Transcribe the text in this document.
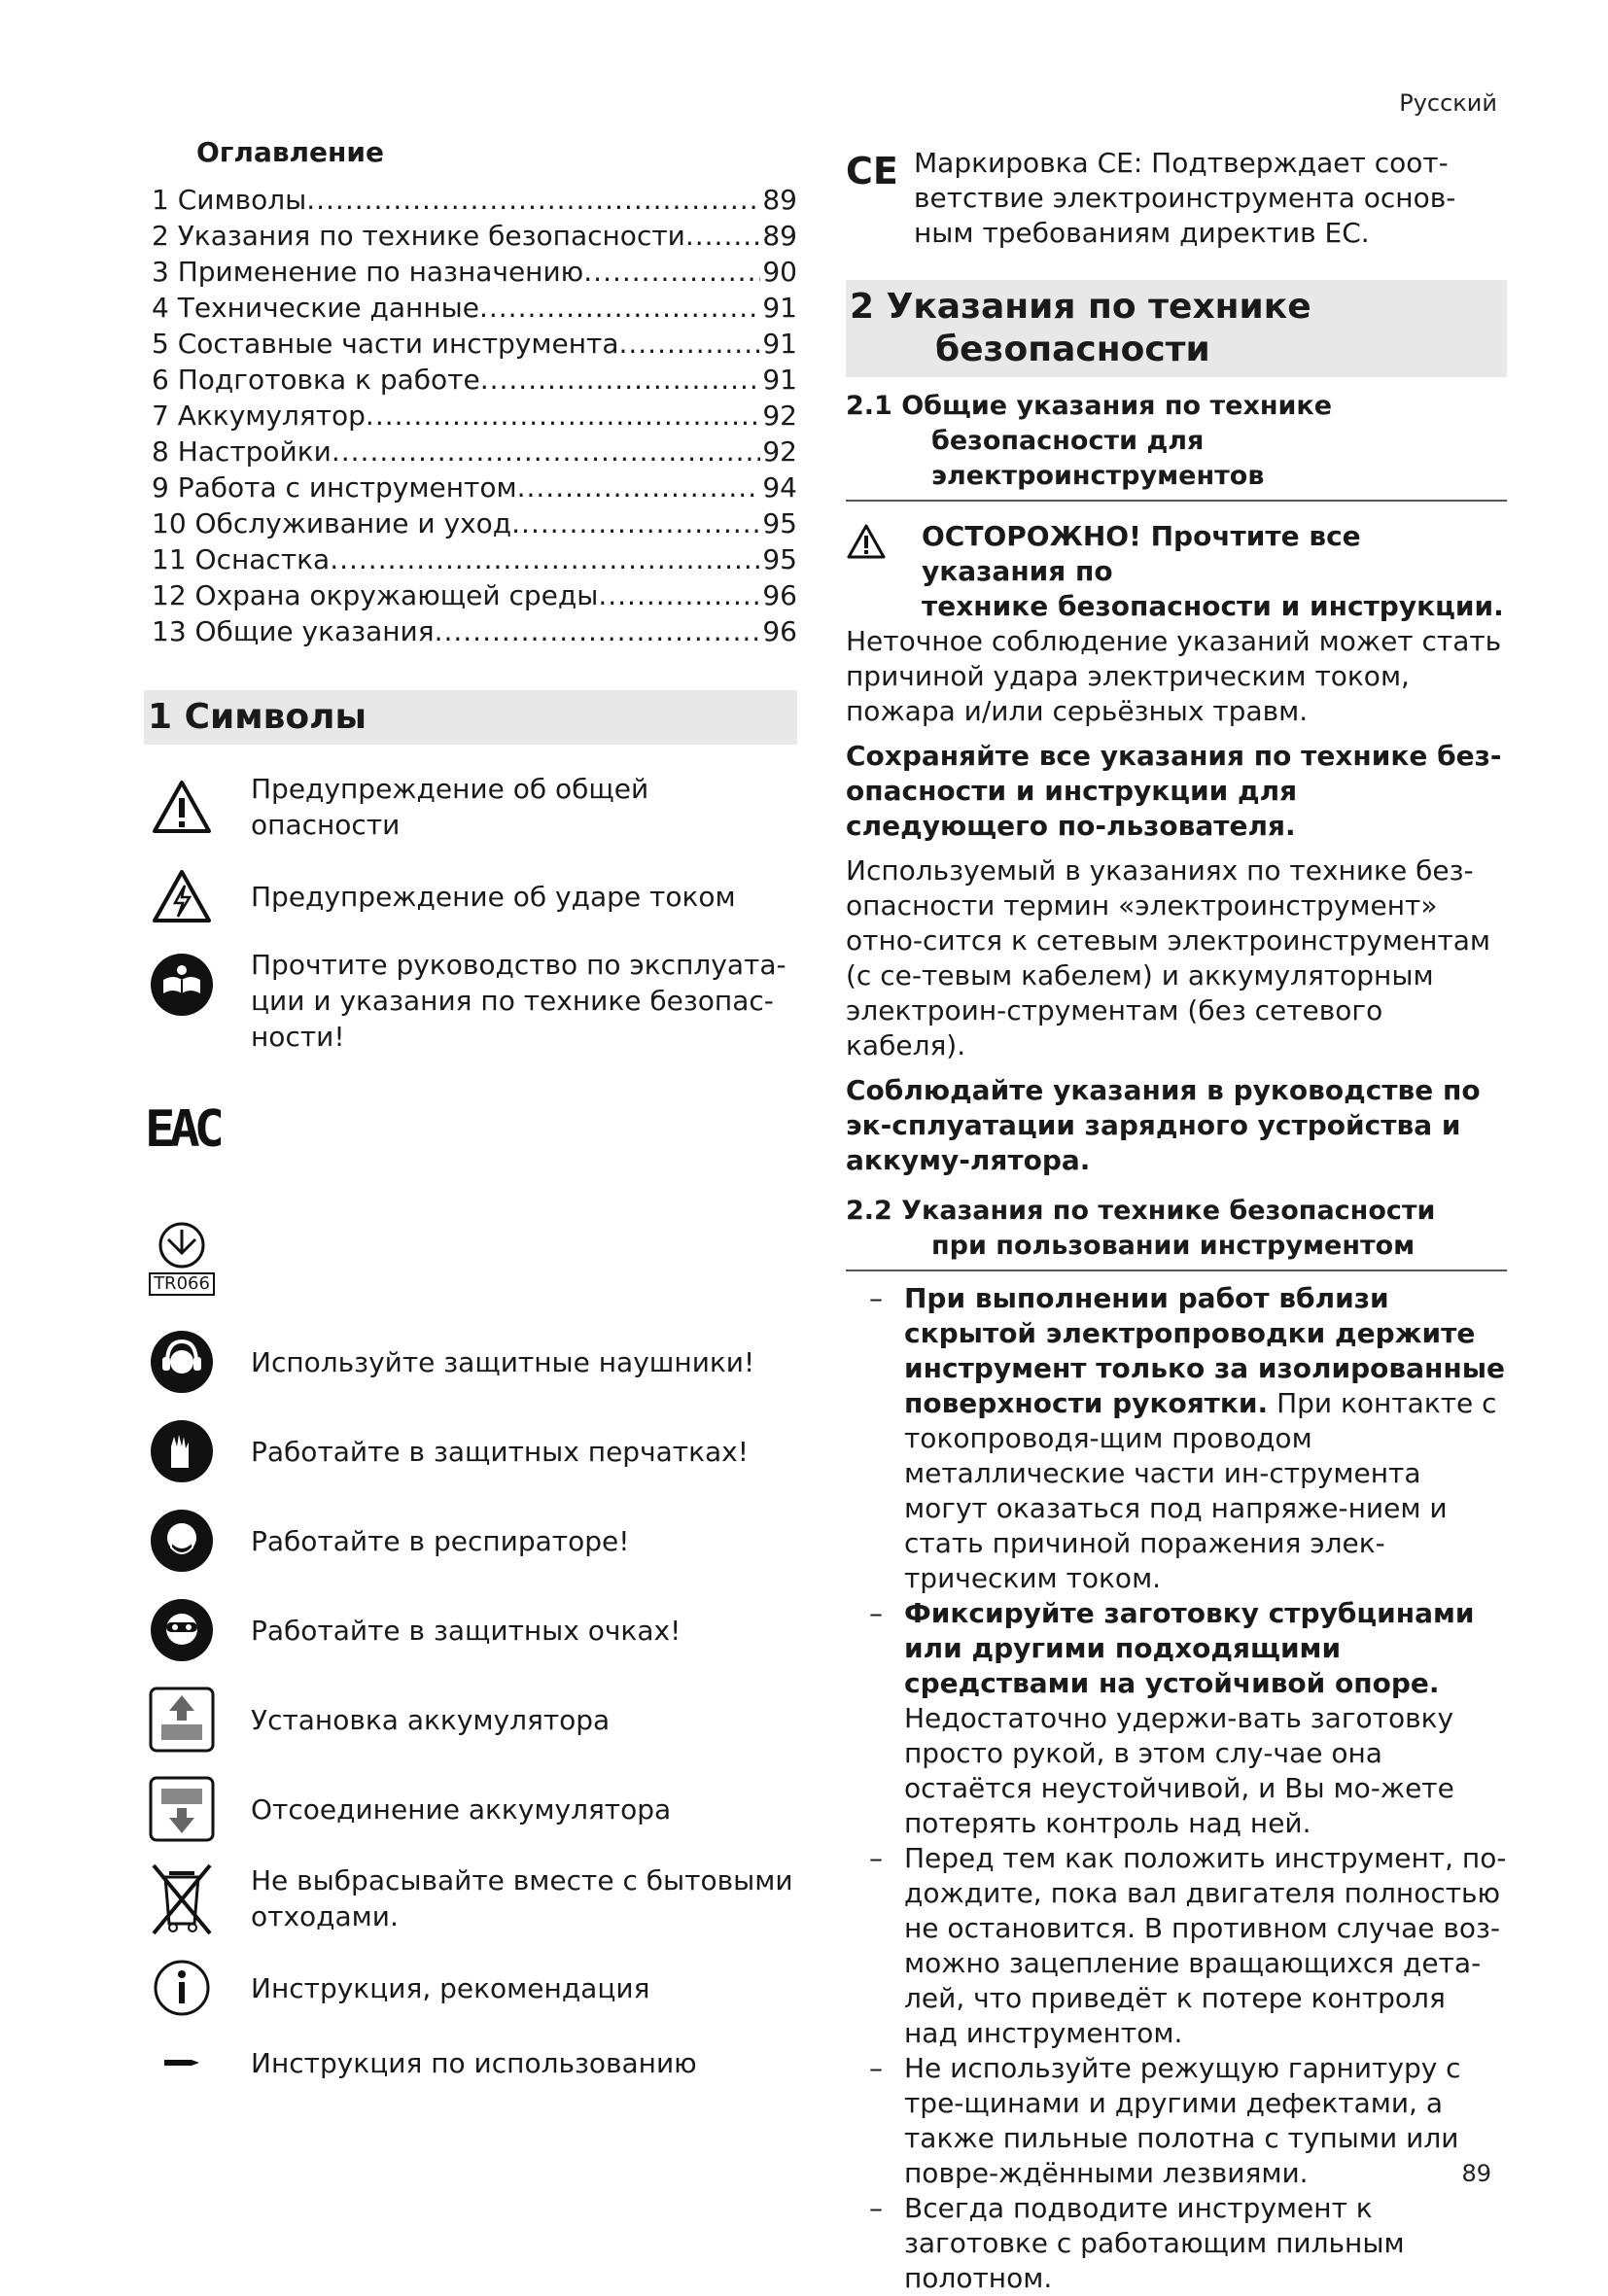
Русский
Оглавление
1 Символы .....	89
2 Указания по технике безопасности .....	89
3 Применение по назначению .....	90
4 Технические данные .....	91
5 Составные части инструмента .....	91
6 Подготовка к работе .....	91
7 Аккумулятор .....	92
8 Настройки .....	92
9 Работа с инструментом .....	94
10 Обслуживание и уход .....	95
11 Оснастка .....	95
12 Охрана окружающей среды .....	96
13 Общие указания .....	96
1 Символы
Предупреждение об общей опасности
Предупреждение об ударе током
Прочтите руководство по эксплуата-
ции и указания по технике безопас-
ности!
EAC
TR066
Используйте защитные наушники!
Работайте в защитных перчатках!
Работайте в респираторе!
Работайте в защитных очках!
Установка аккумулятора
Отсоединение аккумулятора
Не выбрасывайте вместе с бытовыми
отходами.
Инструкция, рекомендация
Инструкция по использованию
CE Маркировка CE: Подтверждает соот-
ветствие электроинструмента основ-
ным требованиям директив ЕС.
2 Указания по технике
безопасности
2.1 Общие указания по технике
безопасности для
электроинструментов
ОСТОРОЖНО! Прочтите все указания по
технике безопасности и инструкции.

Неточное соблюдение указаний может стать причиной удара электрическим током, пожара и/или серьёзных травм.

Сохраняйте все указания по технике без-опасности и инструкции для следующего по-льзователя.

Используемый в указаниях по технике без-опасности термин «электроинструмент» отно-сится к сетевым электроинструментам (с се-тевым кабелем) и аккумуляторным электроин-струментам (без сетевого кабеля).

Соблюдайте указания в руководстве по эк-сплуатации зарядного устройства и аккуму-лятора.

2.2 Указания по технике безопасности
при пользовании инструментом
– При выполнении работ вблизи скрытой электропроводки держите инструмент только за изолированные поверхности рукоятки. При контакте с токопроводя-щим проводом металлические части ин-струмента могут оказаться под напряже-нием и стать причиной поражения элек-трическим током.
– Фиксируйте заготовку струбцинами или другими подходящими средствами на устойчивой опоре. Недостаточно удержи-вать заготовку просто рукой, в этом слу-чае она остаётся неустойчивой, и Вы мо-жете потерять контроль над ней.
– Перед тем как положить инструмент, по-дождите, пока вал двигателя полностью не остановится. В противном случае воз-можно зацепление вращающихся дета-лей, что приведёт к потере контроля над инструментом.
– Не используйте режущую гарнитуру с тре-щинами и другими дефектами, а также пильные полотна с тупыми или повре-ждёнными лезвиями.
– Всегда подводите инструмент к заготовке с работающим пильным полотном.
89
